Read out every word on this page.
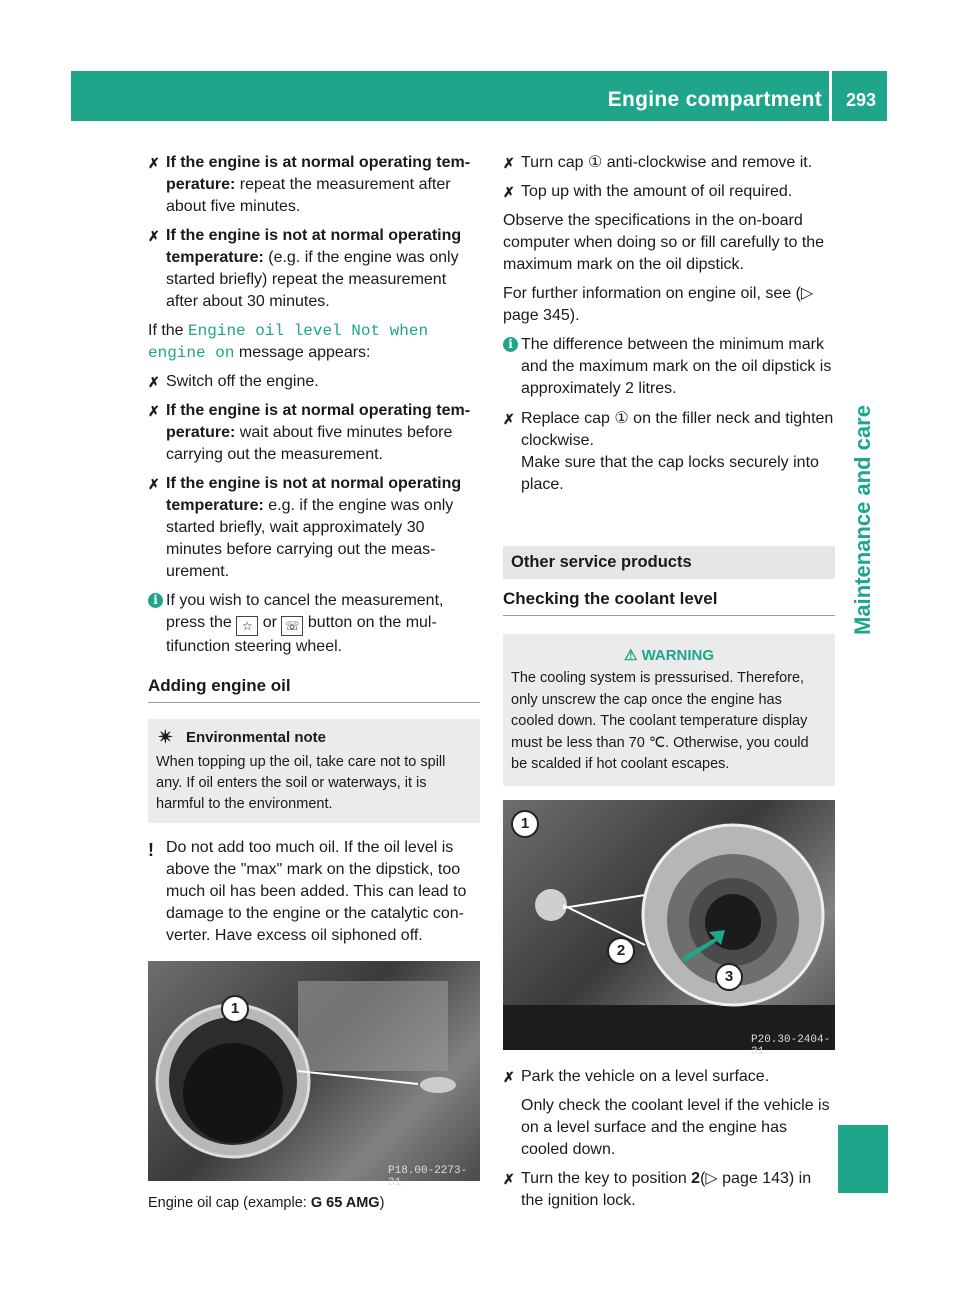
Engine compartment	293
Maintenance and care
✗ If the engine is at normal operating temperature: repeat the measurement after about five minutes.
✗ If the engine is not at normal operating temperature: (e.g. if the engine was only started briefly) repeat the measurement after about 30 minutes.

If the Engine oil level Not when engine on message appears:

✗ Switch off the engine.
✗ If the engine is at normal operating temperature: wait about five minutes before carrying out the measurement.
✗ If the engine is not at normal operating temperature: e.g. if the engine was only started briefly, wait approximately 30 minutes before carrying out the measurement.
i If you wish to cancel the measurement, press the ☆ or ☏ button on the multifunction steering wheel.
Adding engine oil
✴ Environmental note

When topping up the oil, take care not to spill any. If oil enters the soil or waterways, it is harmful to the environment.

! Do not add too much oil. If the oil level is above the "max" mark on the dipstick, too much oil has been added. This can lead to damage to the engine or the catalytic converter. Have excess oil siphoned off.
1
P18.00-2273-31
Engine oil cap (example: G 65 AMG)
✗ Turn cap ① anti-clockwise and remove it.
✗ Top up with the amount of oil required.

Observe the specifications in the on-board computer when doing so or fill carefully to the maximum mark on the oil dipstick.

For further information on engine oil, see (▷ page 345).

i The difference between the minimum mark and the maximum mark on the oil dipstick is approximately 2 litres.
✗ Replace cap ① on the filler neck and tighten clockwise.
Make sure that the cap locks securely into place.
Other service products
Checking the coolant level
⚠ WARNING

The cooling system is pressurised. Therefore, only unscrew the cap once the engine has cooled down. The coolant temperature display must be less than 70 ℃. Otherwise, you could be scalded if hot coolant escapes.

1
2
3
P20.30-2404-31
✗ Park the vehicle on a level surface.

Only check the coolant level if the vehicle is on a level surface and the engine has cooled down.

✗ Turn the key to position 2(▷ page 143) in the ignition lock.
